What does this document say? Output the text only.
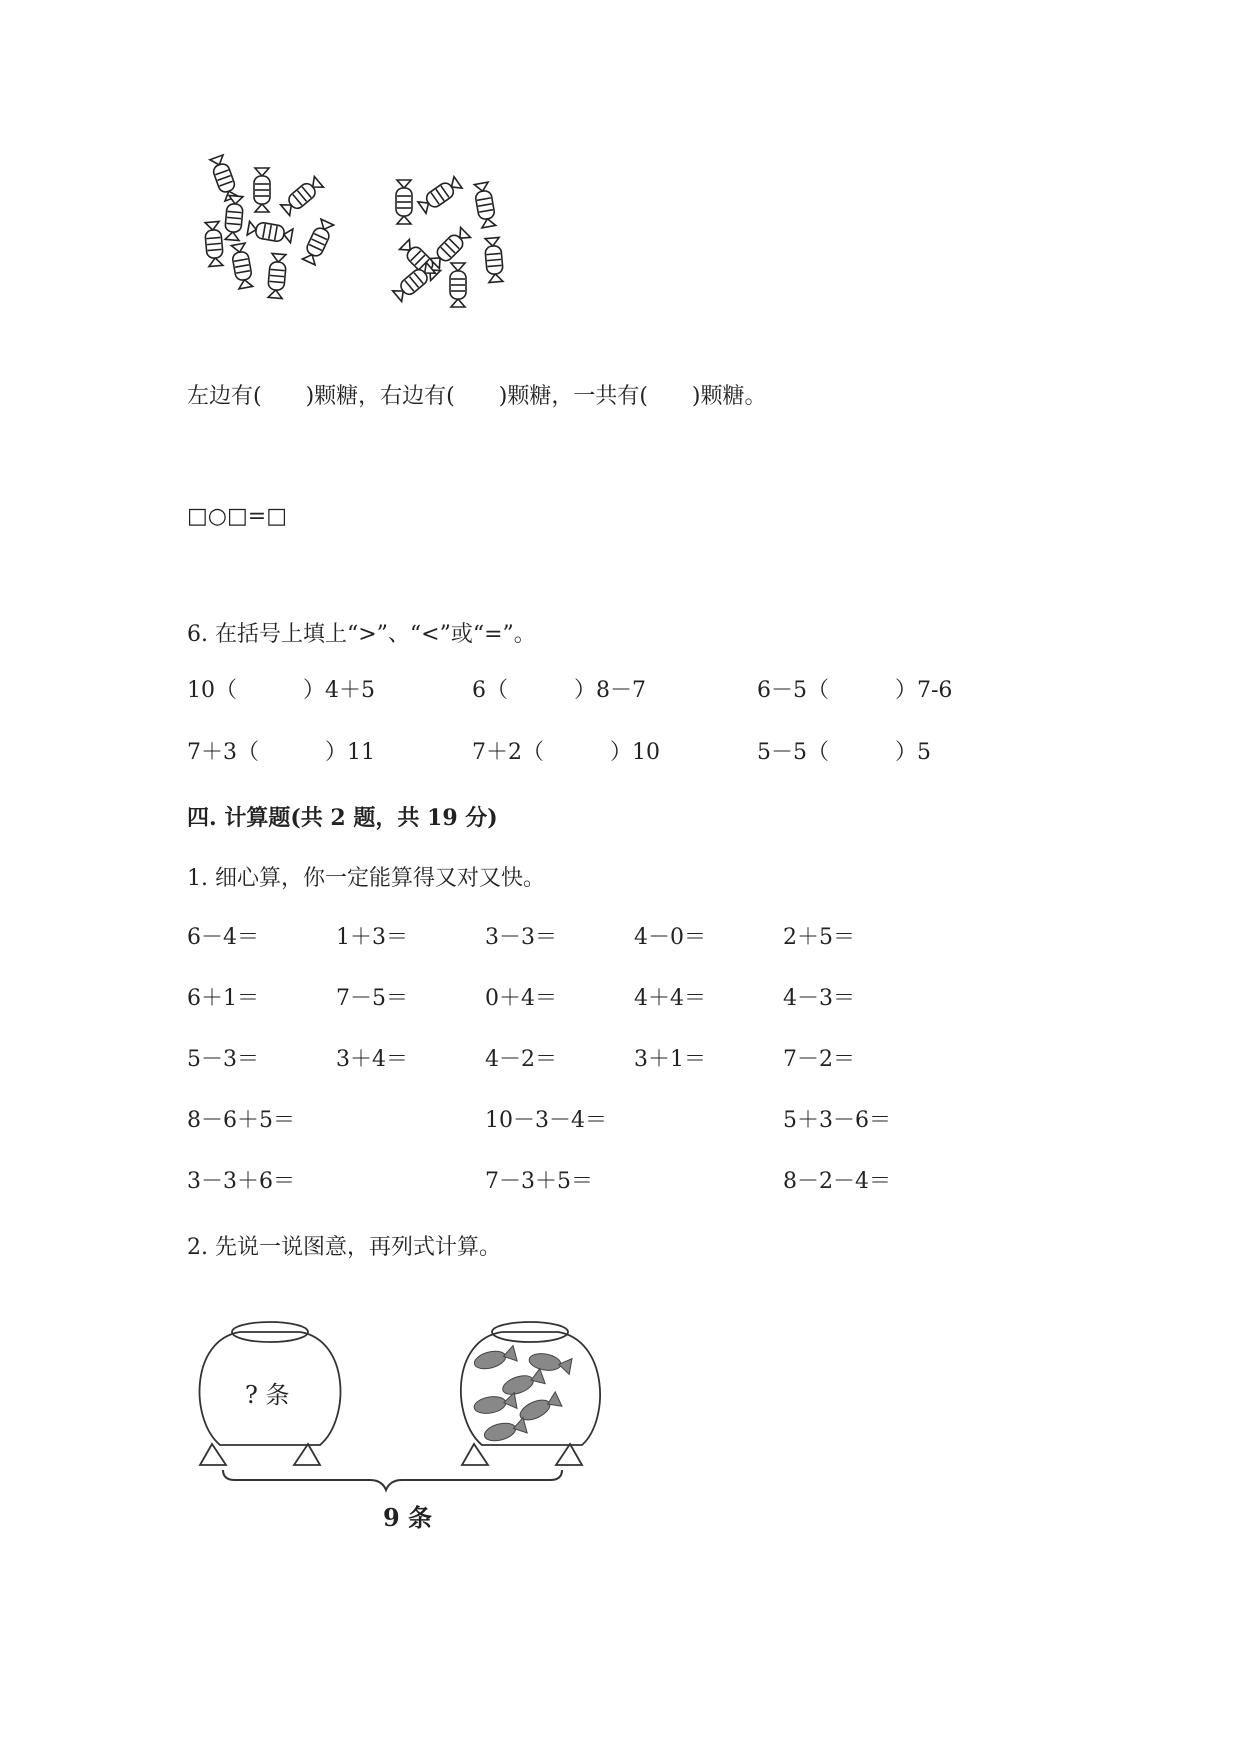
左边有(　　)颗糖，右边有(　　)颗糖，一共有(　　)颗糖。
□○□=□
6. 在括号上填上“>”、“<”或“=”。
10（　　　）4＋5	6（　　　）8－7	6－5（　　　）7-6
7＋3（　　　）11	7＋2（　　　）10	5－5（　　　）5
四. 计算题(共 2 题，共 19 分)
1. 细心算，你一定能算得又对又快。
6－4＝	1＋3＝	3－3＝	4－0＝	2＋5＝
6＋1＝	7－5＝	0＋4＝	4＋4＝	4－3＝
5－3＝	3＋4＝	4－2＝	3＋1＝	7－2＝
8－6＋5＝	10－3－4＝	5＋3－6＝
3－3＋6＝	7－3＋5＝	8－2－4＝
2. 先说一说图意，再列式计算。
? 条
9 条
